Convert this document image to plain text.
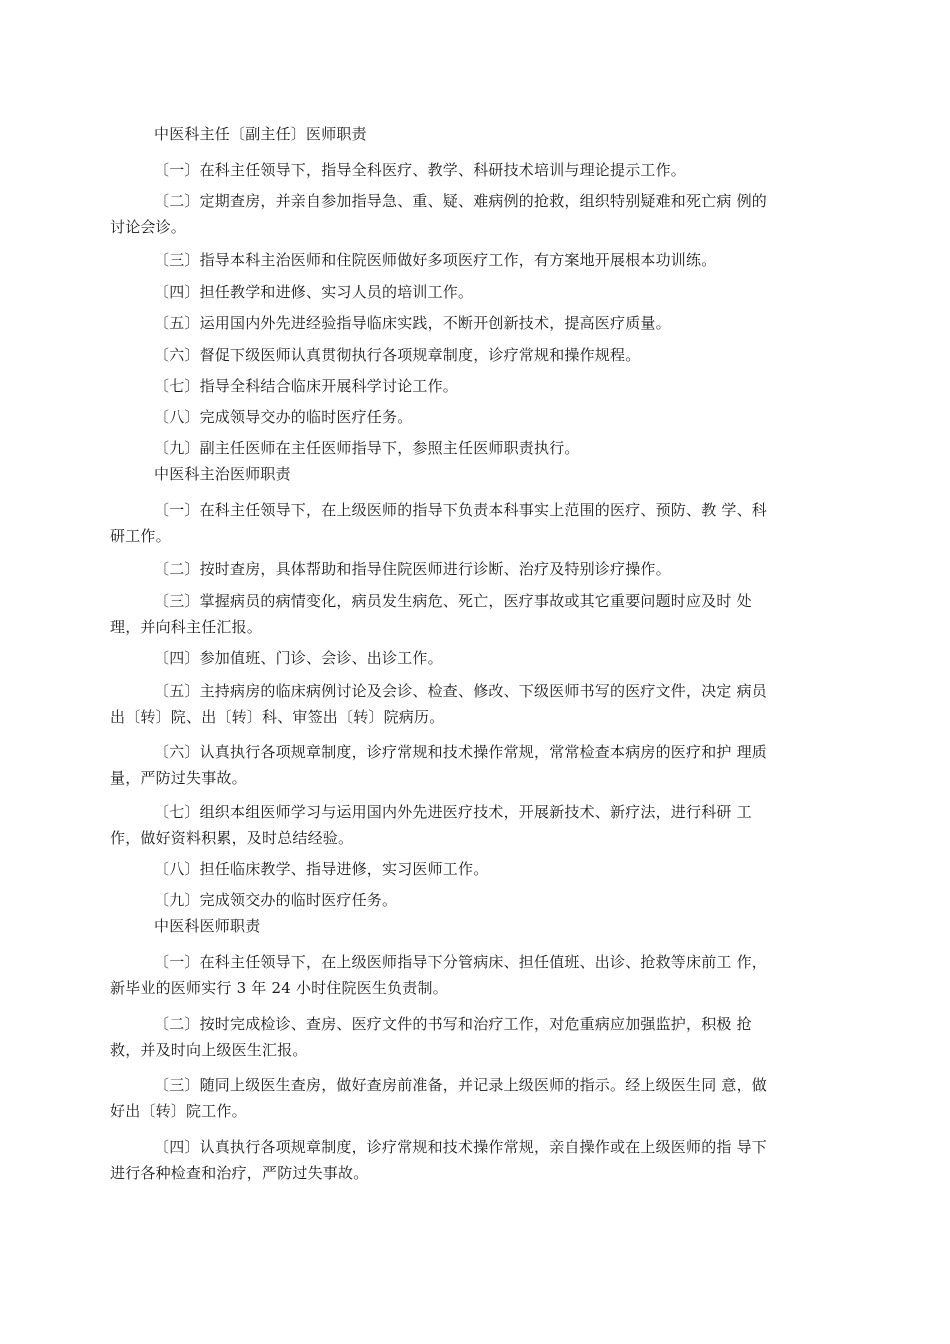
中医科主任〔副主任〕医师职责
〔一〕在科主任领导下，指导全科医疗、教学、科研技术培训与理论提示工作。
〔二〕定期查房，并亲自参加指导急、重、疑、难病例的抢救，组织特别疑难和死亡病 例的
讨论会诊。
〔三〕指导本科主治医师和住院医师做好多项医疗工作，有方案地开展根本功训练。
〔四〕担任教学和进修、实习人员的培训工作。
〔五〕运用国内外先进经验指导临床实践，不断开创新技术，提高医疗质量。
〔六〕督促下级医师认真贯彻执行各项规章制度，诊疗常规和操作规程。
〔七〕指导全科结合临床开展科学讨论工作。
〔八〕完成领导交办的临时医疗任务。
〔九〕副主任医师在主任医师指导下，参照主任医师职责执行。
中医科主治医师职责
〔一〕在科主任领导下，在上级医师的指导下负责本科事实上范围的医疗、预防、教 学、科
研工作。
〔二〕按时查房，具体帮助和指导住院医师进行诊断、治疗及特别诊疗操作。
〔三〕掌握病员的病情变化，病员发生病危、死亡，医疗事故或其它重要问题时应及时 处
理，并向科主任汇报。
〔四〕参加值班、门诊、会诊、出诊工作。
〔五〕主持病房的临床病例讨论及会诊、检查、修改、下级医师书写的医疗文件，决定 病员
出〔转〕院、出〔转〕科、审签出〔转〕院病历。
〔六〕认真执行各项规章制度，诊疗常规和技术操作常规，常常检查本病房的医疗和护 理质
量，严防过失事故。
〔七〕组织本组医师学习与运用国内外先进医疗技术，开展新技术、新疗法，进行科研 工
作，做好资料积累，及时总结经验。
〔八〕担任临床教学、指导进修，实习医师工作。
〔九〕完成领交办的临时医疗任务。
中医科医师职责
〔一〕在科主任领导下，在上级医师指导下分管病床、担任值班、出诊、抢救等床前工 作，
新毕业的医师实行 3 年 24 小时住院医生负责制。
〔二〕按时完成检诊、查房、医疗文件的书写和治疗工作，对危重病应加强监护，积极 抢
救，并及时向上级医生汇报。
〔三〕随同上级医生查房，做好查房前准备，并记录上级医师的指示。经上级医生同 意，做
好出〔转〕院工作。
〔四〕认真执行各项规章制度，诊疗常规和技术操作常规，亲自操作或在上级医师的指 导下
进行各种检查和治疗，严防过失事故。
